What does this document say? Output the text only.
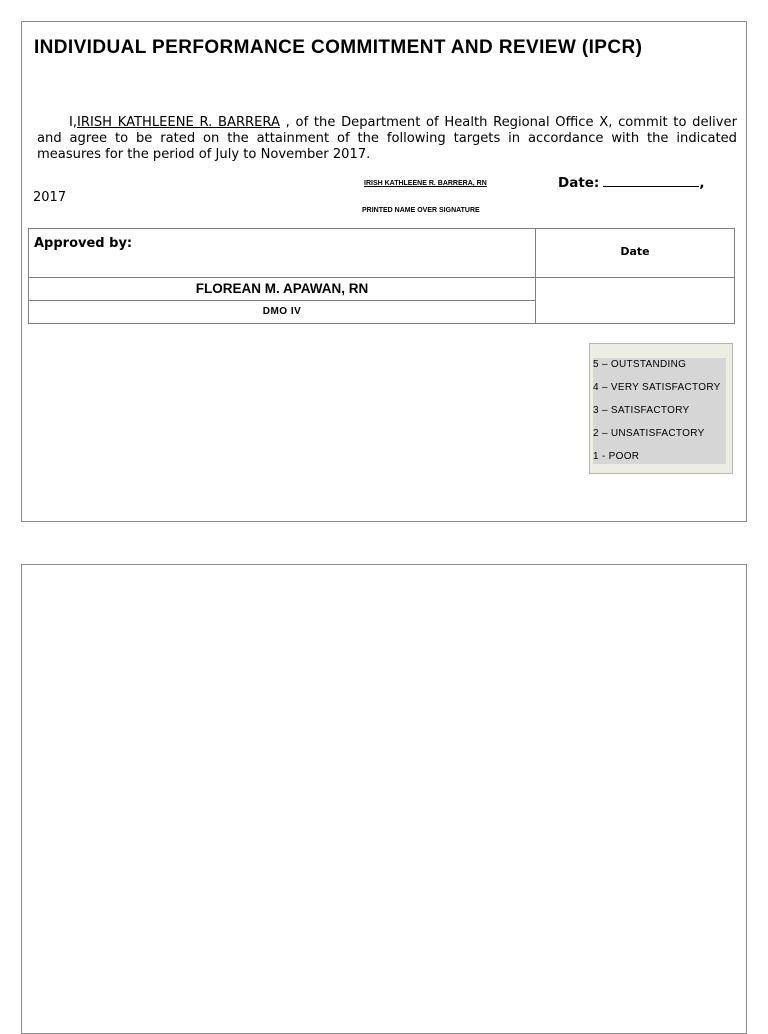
INDIVIDUAL PERFORMANCE COMMITMENT AND REVIEW (IPCR)
I,IRISH KATHLEENE R. BARRERA , of the Department of Health Regional Office X, commit to deliver and agree to be rated on the attainment of the following targets in accordance with the indicated measures for the period of July to November 2017.
IRISH KATHLEENE R. BARRERA, RN
PRINTED NAME OVER SIGNATURE
Date:	,
2017
Approved by:
Date
FLOREAN M. APAWAN, RN
DMO IV
5 – OUTSTANDING
4 – VERY SATISFACTORY
3 – SATISFACTORY
2 – UNSATISFACTORY
1 - POOR
